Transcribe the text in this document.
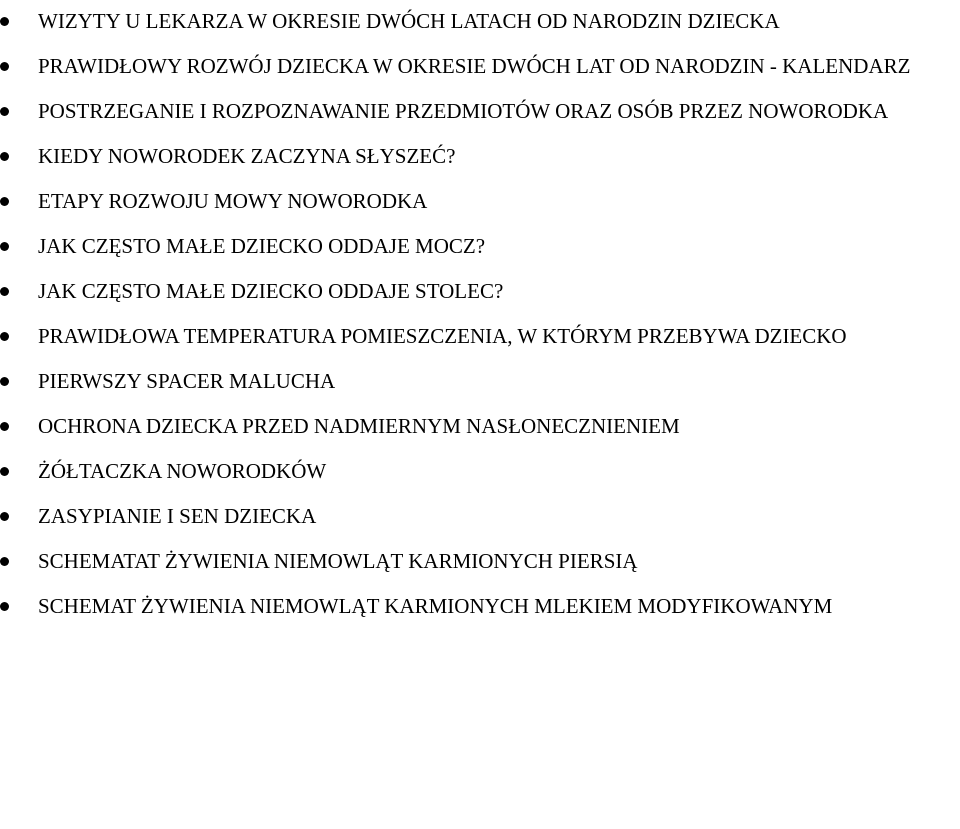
WIZYTY U LEKARZA W OKRESIE DWÓCH LATACH OD NARODZIN DZIECKA
PRAWIDŁOWY ROZWÓJ DZIECKA W OKRESIE DWÓCH LAT OD NARODZIN - KALENDARZ
POSTRZEGANIE I ROZPOZNAWANIE PRZEDMIOTÓW ORAZ OSÓB PRZEZ NOWORODKA
KIEDY NOWORODEK ZACZYNA SŁYSZEĆ?
ETAPY ROZWOJU MOWY NOWORODKA
JAK CZĘSTO MAŁE DZIECKO ODDAJE MOCZ?
JAK CZĘSTO MAŁE DZIECKO ODDAJE STOLEC?
PRAWIDŁOWA TEMPERATURA POMIESZCZENIA, W KTÓRYM PRZEBYWA DZIECKO
PIERWSZY SPACER MALUCHA
OCHRONA DZIECKA PRZED NADMIERNYM NASŁONECZNIENIEM
ŻÓŁTACZKA NOWORODKÓW
ZASYPIANIE I SEN DZIECKA
SCHEMATAT ŻYWIENIA NIEMOWLĄT KARMIONYCH PIERSIĄ
SCHEMAT ŻYWIENIA NIEMOWLĄT KARMIONYCH MLEKIEM MODYFIKOWANYM
